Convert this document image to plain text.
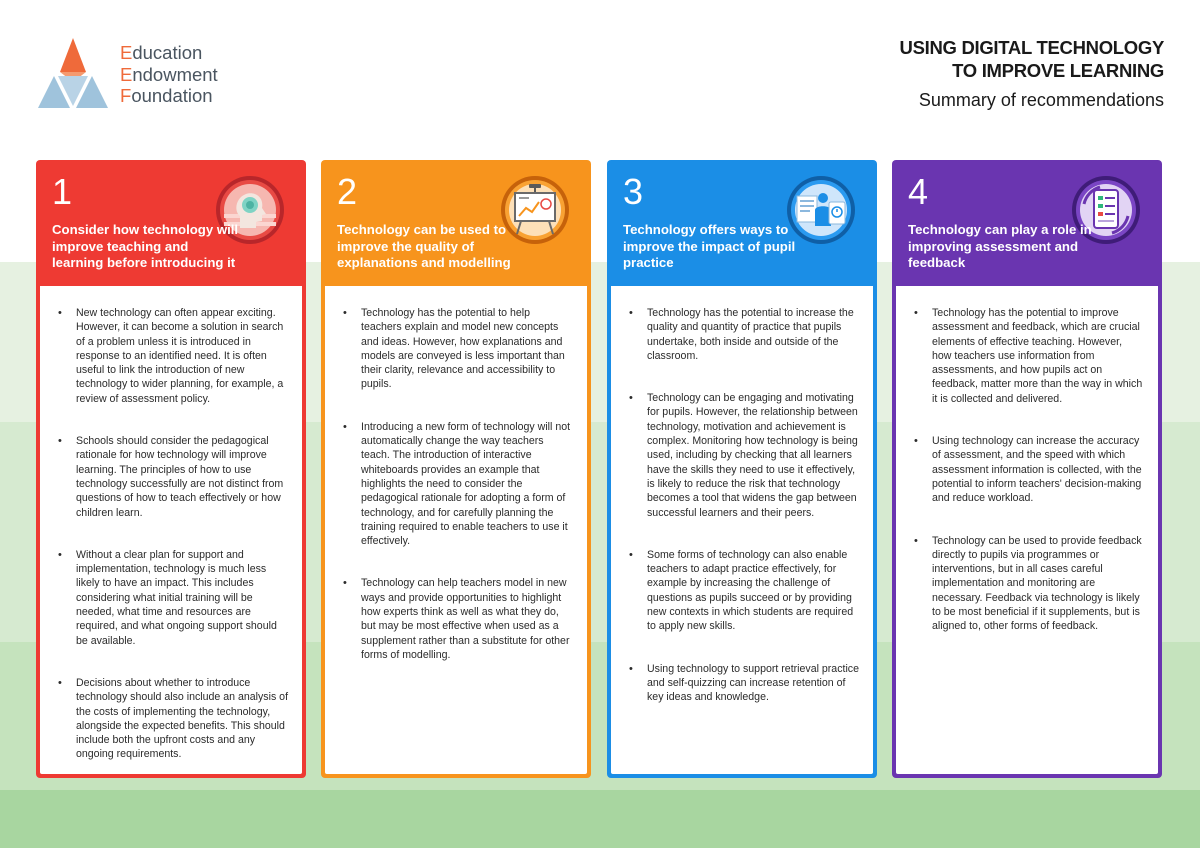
Education
Endowment
Foundation
USING DIGITAL TECHNOLOGY
TO IMPROVE LEARNING
Summary of recommendations
1
Consider how technology will improve teaching and learning before introducing it
• New technology can often appear exciting. However, it can become a solution in search of a problem unless it is introduced in response to an identified need. It is often useful to link the introduction of new technology to wider planning, for example, a review of assessment policy.
• Schools should consider the pedagogical rationale for how technology will improve learning. The principles of how to use technology successfully are not distinct from questions of how to teach effectively or how children learn.
• Without a clear plan for support and implementation, technology is much less likely to have an impact. This includes considering what initial training will be needed, what time and resources are required, and what ongoing support should be available.
• Decisions about whether to introduce technology should also include an analysis of the costs of implementing the technology, alongside the expected benefits. This should include both the upfront costs and any ongoing requirements.
2
Technology can be used to improve the quality of explanations and modelling
• Technology has the potential to help teachers explain and model new concepts and ideas. However, how explanations and models are conveyed is less important than their clarity, relevance and accessibility to pupils.
• Introducing a new form of technology will not automatically change the way teachers teach. The introduction of interactive whiteboards provides an example that highlights the need to consider the pedagogical rationale for adopting a form of technology, and for carefully planning the training required to enable teachers to use it effectively.
• Technology can help teachers model in new ways and provide opportunities to highlight how experts think as well as what they do, but may be most effective when used as a supplement rather than a substitute for other forms of modelling.
3
Technology offers ways to improve the impact of pupil practice
• Technology has the potential to increase the quality and quantity of practice that pupils undertake, both inside and outside of the classroom.
• Technology can be engaging and motivating for pupils. However, the relationship between technology, motivation and achievement is complex. Monitoring how technology is being used, including by checking that all learners have the skills they need to use it effectively, is likely to reduce the risk that technology becomes a tool that widens the gap between successful learners and their peers.
• Some forms of technology can also enable teachers to adapt practice effectively, for example by increasing the challenge of questions as pupils succeed or by providing new contexts in which students are required to apply new skills.
• Using technology to support retrieval practice and self-quizzing can increase retention of key ideas and knowledge.
4
Technology can play a role in improving assessment and feedback
• Technology has the potential to improve assessment and feedback, which are crucial elements of effective teaching. However, how teachers use information from assessments, and how pupils act on feedback, matter more than the way in which it is collected and delivered.
• Using technology can increase the accuracy of assessment, and the speed with which assessment information is collected, with the potential to inform teachers' decision-making and reduce workload.
• Technology can be used to provide feedback directly to pupils via programmes or interventions, but in all cases careful implementation and monitoring are necessary. Feedback via technology is likely to be most beneficial if it supplements, but is aligned to, other forms of feedback.
